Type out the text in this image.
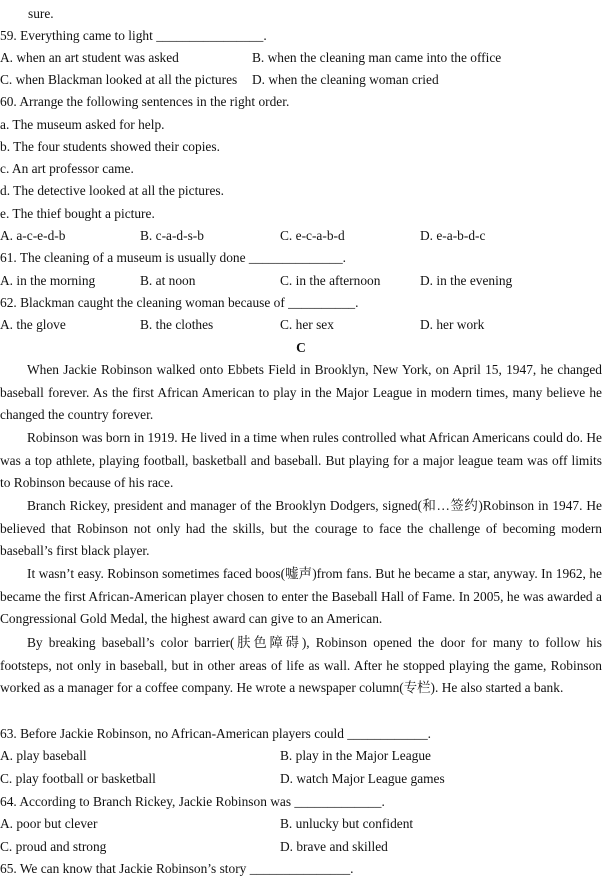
sure.
59. Everything came to light ________________.
A. when an art student was asked	B. when the cleaning man came into the office
C. when Blackman looked at all the pictures D. when the cleaning woman cried
60. Arrange the following sentences in the right order.
a. The museum asked for help.
b. The four students showed their copies.
c. An art professor came.
d. The detective looked at all the pictures.
e. The thief bought a picture.
A. a-c-e-d-b	B. c-a-d-s-b	C. e-c-a-b-d	D. e-a-b-d-c
61. The cleaning of a museum is usually done ______________.
A. in the morning	B. at noon	C. in the afternoon	D. in the evening
62. Blackman caught the cleaning woman because of __________.
A. the glove	B. the clothes	C. her sex	D. her work
C
When Jackie Robinson walked onto Ebbets Field in Brooklyn, New York, on April 15, 1947, he changed baseball forever. As the first African American to play in the Major League in modern times, many believe he changed the country forever.
Robinson was born in 1919. He lived in a time when rules controlled what African Americans could do. He was a top athlete, playing football, basketball and baseball. But playing for a major league team was off limits to Robinson because of his race.
Branch Rickey, president and manager of the Brooklyn Dodgers, signed(和…签约)Robinson in 1947. He believed that Robinson not only had the skills, but the courage to face the challenge of becoming modern baseball’s first black player.
It wasn’t easy. Robinson sometimes faced boos(嘘声)from fans. But he became a star, anyway. In 1962, he became the first African-American player chosen to enter the Baseball Hall of Fame. In 2005, he was awarded a Congressional Gold Medal, the highest award can give to an American.
By breaking baseball’s color barrier(肤色障碍), Robinson opened the door for many to follow his footsteps, not only in baseball, but in other areas of life as wall. After he stopped playing the game, Robinson worked as a manager for a coffee company. He wrote a newspaper column(专栏). He also started a bank.
63. Before Jackie Robinson, no African-American players could ____________.
A. play baseball	B. play in the Major League
C. play football or basketball	D. watch Major League games
64. According to Branch Rickey, Jackie Robinson was _____________.
A. poor but clever	B. unlucky but confident
C. proud and strong	D. brave and skilled
65. We can know that Jackie Robinson’s story _______________.
